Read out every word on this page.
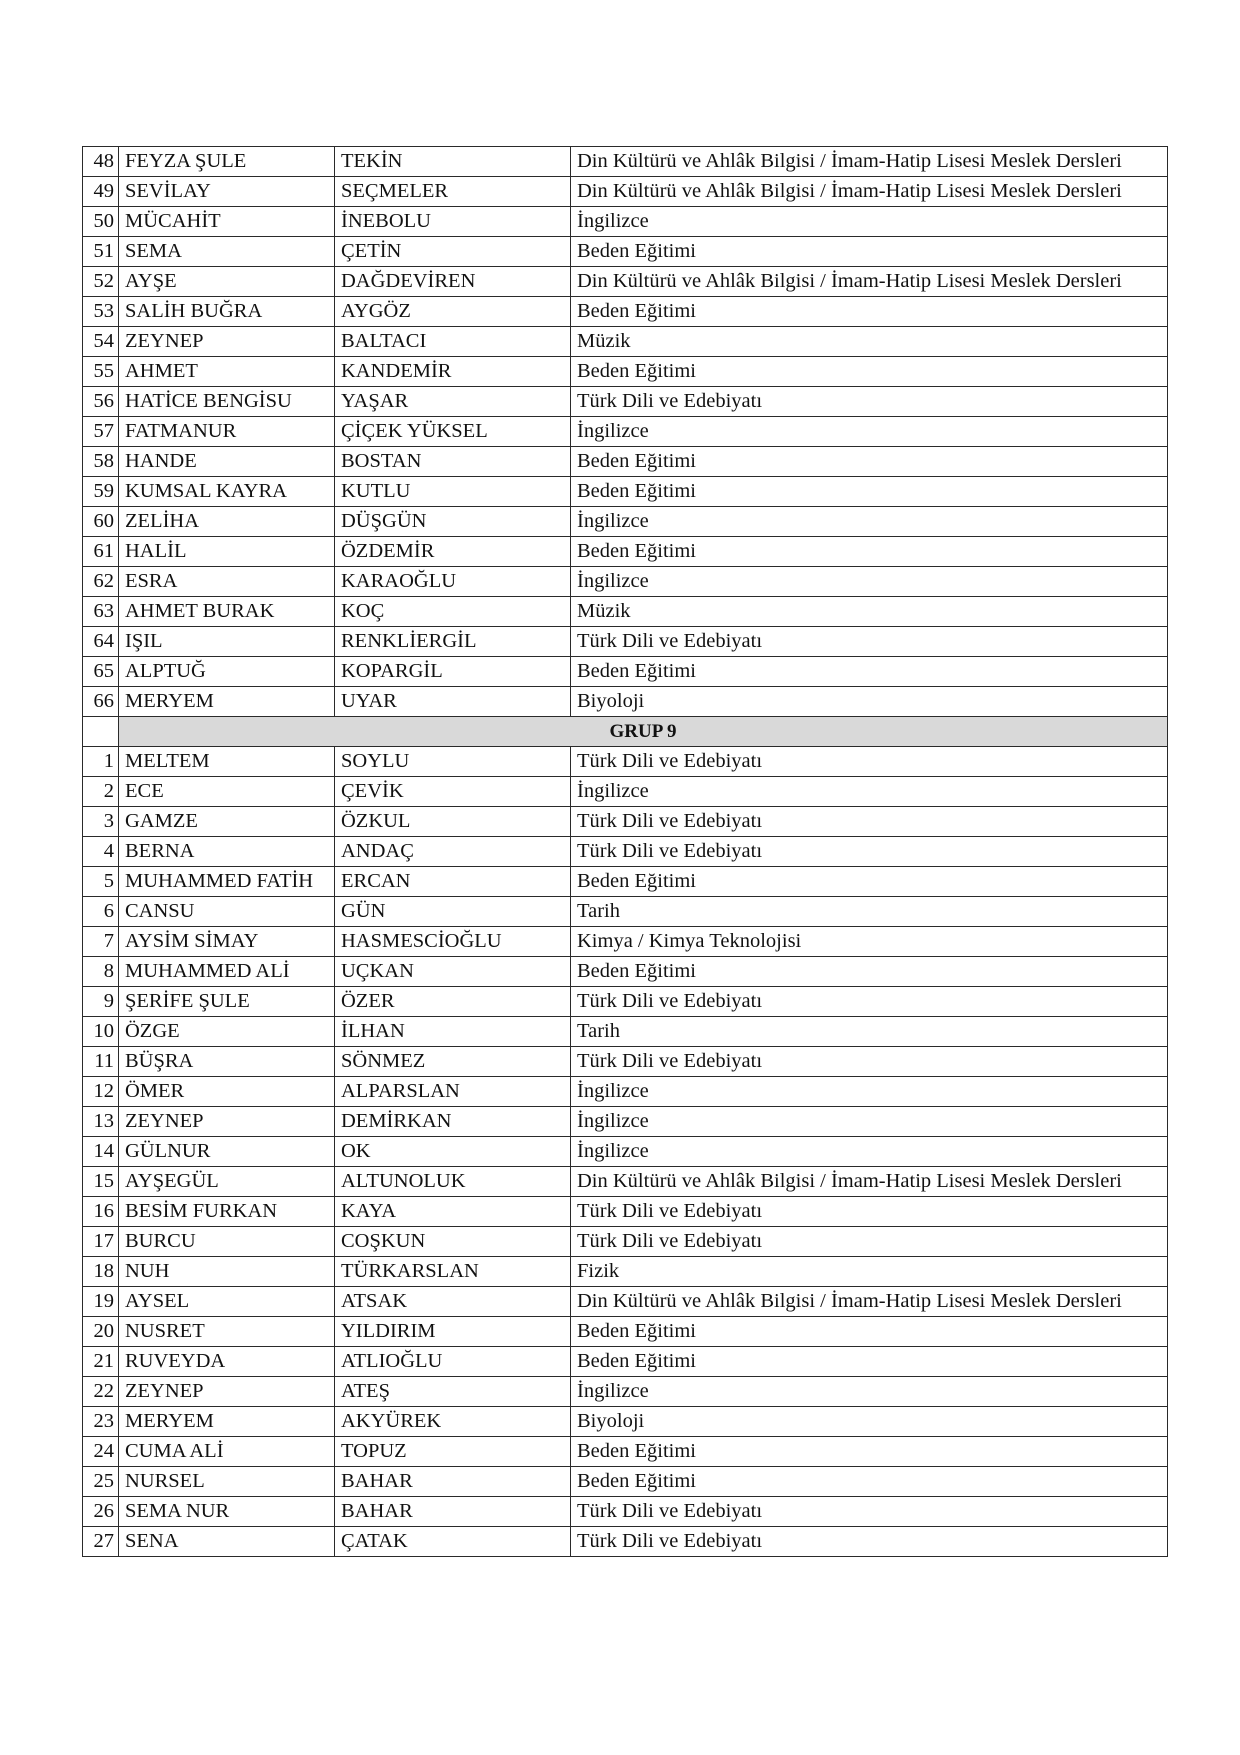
48	FEYZA ŞULE	TEKİN	Din Kültürü ve Ahlâk Bilgisi / İmam-Hatip Lisesi Meslek Dersleri
49	SEVİLAY	SEÇMELER	Din Kültürü ve Ahlâk Bilgisi / İmam-Hatip Lisesi Meslek Dersleri
50	MÜCAHİT	İNEBOLU	İngilizce
51	SEMA	ÇETİN	Beden Eğitimi
52	AYŞE	DAĞDEVİREN	Din Kültürü ve Ahlâk Bilgisi / İmam-Hatip Lisesi Meslek Dersleri
53	SALİH BUĞRA	AYGÖZ	Beden Eğitimi
54	ZEYNEP	BALTACI	Müzik
55	AHMET	KANDEMİR	Beden Eğitimi
56	HATİCE BENGİSU	YAŞAR	Türk Dili ve Edebiyatı
57	FATMANUR	ÇİÇEK YÜKSEL	İngilizce
58	HANDE	BOSTAN	Beden Eğitimi
59	KUMSAL KAYRA	KUTLU	Beden Eğitimi
60	ZELİHA	DÜŞGÜN	İngilizce
61	HALİL	ÖZDEMİR	Beden Eğitimi
62	ESRA	KARAOĞLU	İngilizce
63	AHMET BURAK	KOÇ	Müzik
64	IŞIL	RENKLİERGİL	Türk Dili ve Edebiyatı
65	ALPTUĞ	KOPARGİL	Beden Eğitimi
66	MERYEM	UYAR	Biyoloji
	GRUP 9		
1	MELTEM	SOYLU	Türk Dili ve Edebiyatı
2	ECE	ÇEVİK	İngilizce
3	GAMZE	ÖZKUL	Türk Dili ve Edebiyatı
4	BERNA	ANDAÇ	Türk Dili ve Edebiyatı
5	MUHAMMED FATİH	ERCAN	Beden Eğitimi
6	CANSU	GÜN	Tarih
7	AYSİM SİMAY	HASMESCİOĞLU	Kimya / Kimya Teknolojisi
8	MUHAMMED ALİ	UÇKAN	Beden Eğitimi
9	ŞERİFE ŞULE	ÖZER	Türk Dili ve Edebiyatı
10	ÖZGE	İLHAN	Tarih
11	BÜŞRA	SÖNMEZ	Türk Dili ve Edebiyatı
12	ÖMER	ALPARSLAN	İngilizce
13	ZEYNEP	DEMİRKAN	İngilizce
14	GÜLNUR	OK	İngilizce
15	AYŞEGÜL	ALTUNOLUK	Din Kültürü ve Ahlâk Bilgisi / İmam-Hatip Lisesi Meslek Dersleri
16	BESİM FURKAN	KAYA	Türk Dili ve Edebiyatı
17	BURCU	COŞKUN	Türk Dili ve Edebiyatı
18	NUH	TÜRKARSLAN	Fizik
19	AYSEL	ATSAK	Din Kültürü ve Ahlâk Bilgisi / İmam-Hatip Lisesi Meslek Dersleri
20	NUSRET	YILDIRIM	Beden Eğitimi
21	RUVEYDA	ATLIOĞLU	Beden Eğitimi
22	ZEYNEP	ATEŞ	İngilizce
23	MERYEM	AKYÜREK	Biyoloji
24	CUMA ALİ	TOPUZ	Beden Eğitimi
25	NURSEL	BAHAR	Beden Eğitimi
26	SEMA NUR	BAHAR	Türk Dili ve Edebiyatı
27	SENA	ÇATAK	Türk Dili ve Edebiyatı
